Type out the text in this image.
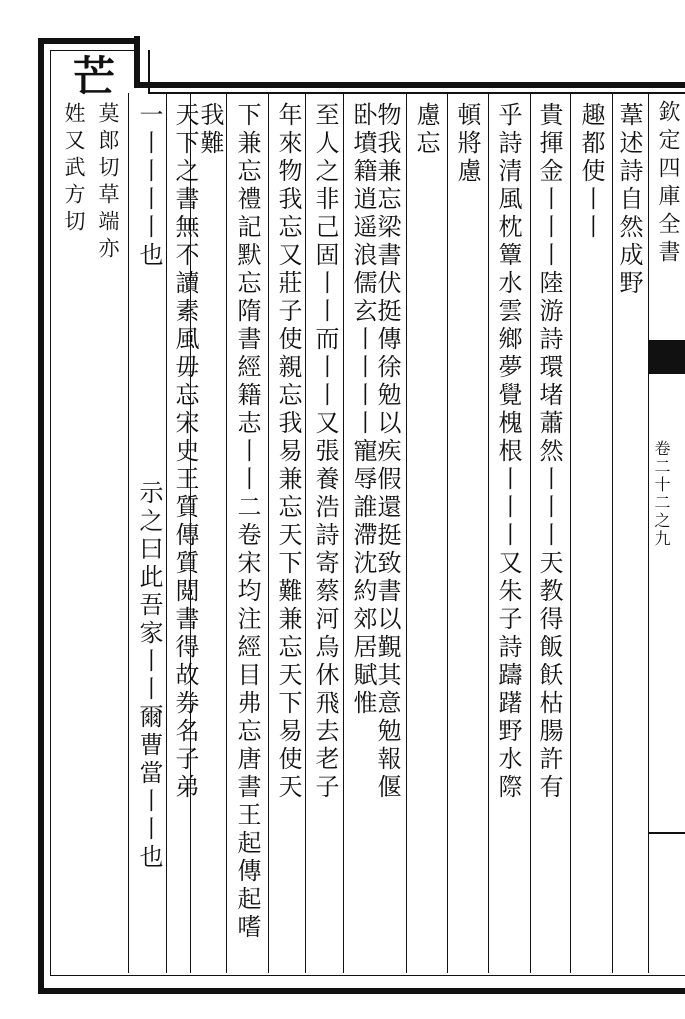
欽定四庫全書
卷二十二之九
芒
葦述詩自然成野
趣都使丨丨
貴揮金丨丨丨陸游詩環堵蕭然丨丨丨天教得飯飫枯腸許有
乎詩清風枕簟水雲鄉夢覺槐根丨丨丨又朱子詩躊躇野水際
頓將慮
慮忘
物我兼忘梁書伏挺傳徐勉以疾假還挺致書以覲其意勉報偃
卧墳籍逍遥浪儒玄丨丨丨丨寵辱誰滯沈約郊居賦惟
至人之非己固丨丨而丨丨又張養浩詩寄蔡河烏休飛去老子
年來物我忘又莊子使親忘我易兼忘天下難兼忘天下易使天
下兼忘禮記默忘隋書經籍志丨丨二卷宋均注經目弗忘唐書王起傳起嗜
我難
天下之書無不讀素風毋忘宋史王質傳質閲書得故券名子弟
一丨丨丨丨也
示之曰此吾家丨丨爾曹當丨丨也
莫郎切草端亦
姓又武方切
